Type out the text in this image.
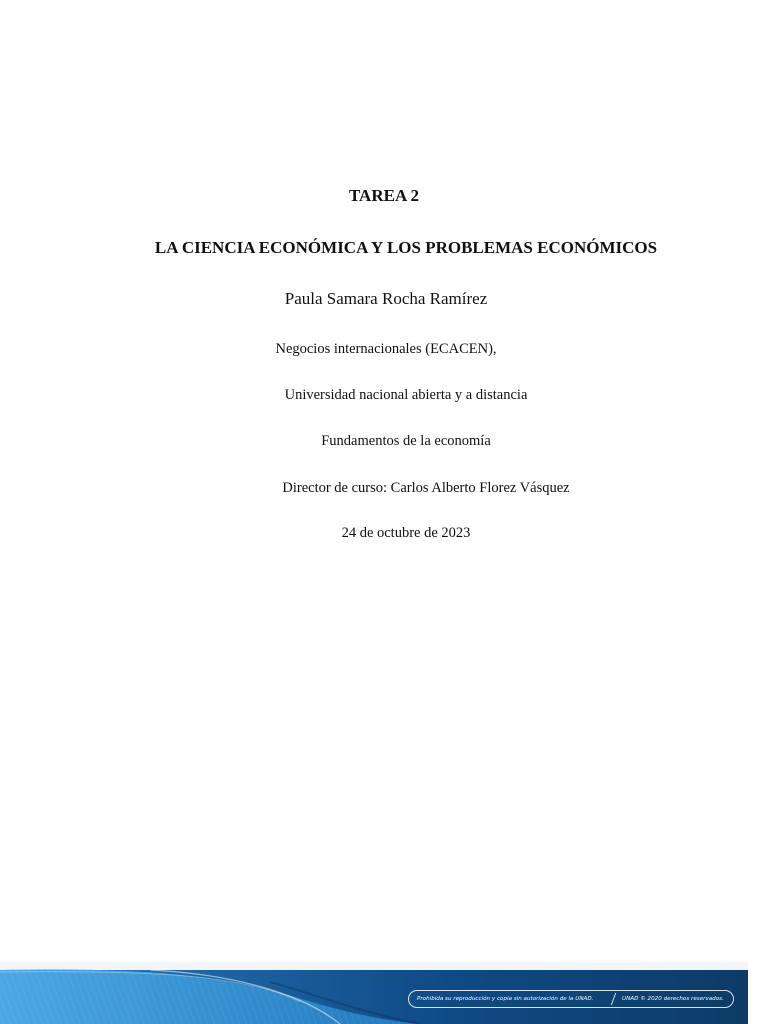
TAREA 2
LA CIENCIA ECONÓMICA Y LOS PROBLEMAS ECONÓMICOS
Paula Samara Rocha Ramírez
Negocios internacionales (ECACEN),
Universidad nacional abierta y a distancia
Fundamentos de la economía
Director de curso: Carlos Alberto Florez Vásquez
24 de octubre de 2023
Prohibida su reproducción y copia sin autorización de la UNAD.	UNAD © 2020 derechos reservados.
